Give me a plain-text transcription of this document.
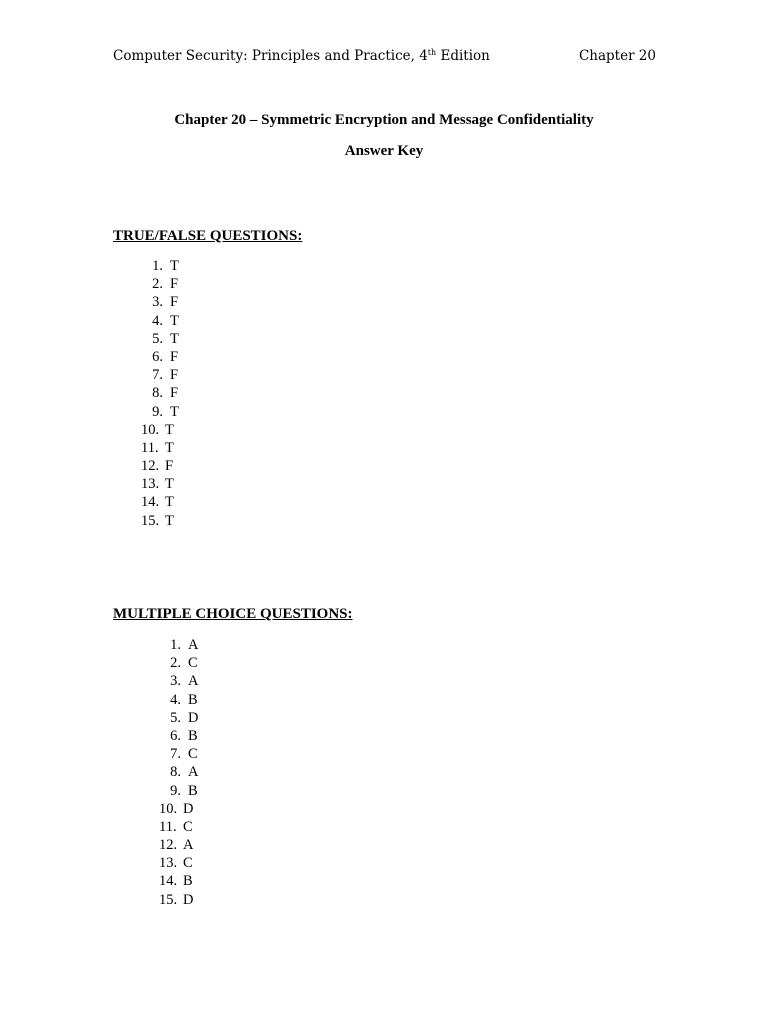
Computer Security: Principles and Practice, 4th Edition	Chapter 20
Chapter 20 – Symmetric Encryption and Message Confidentiality
Answer Key
TRUE/FALSE QUESTIONS:
1. T
2. F
3. F
4. T
5. T
6. F
7. F
8. F
9. T
10. T
11. T
12. F
13. T
14. T
15. T
MULTIPLE CHOICE QUESTIONS:
1. A
2. C
3. A
4. B
5. D
6. B
7. C
8. A
9. B
10. D
11. C
12. A
13. C
14. B
15. D
